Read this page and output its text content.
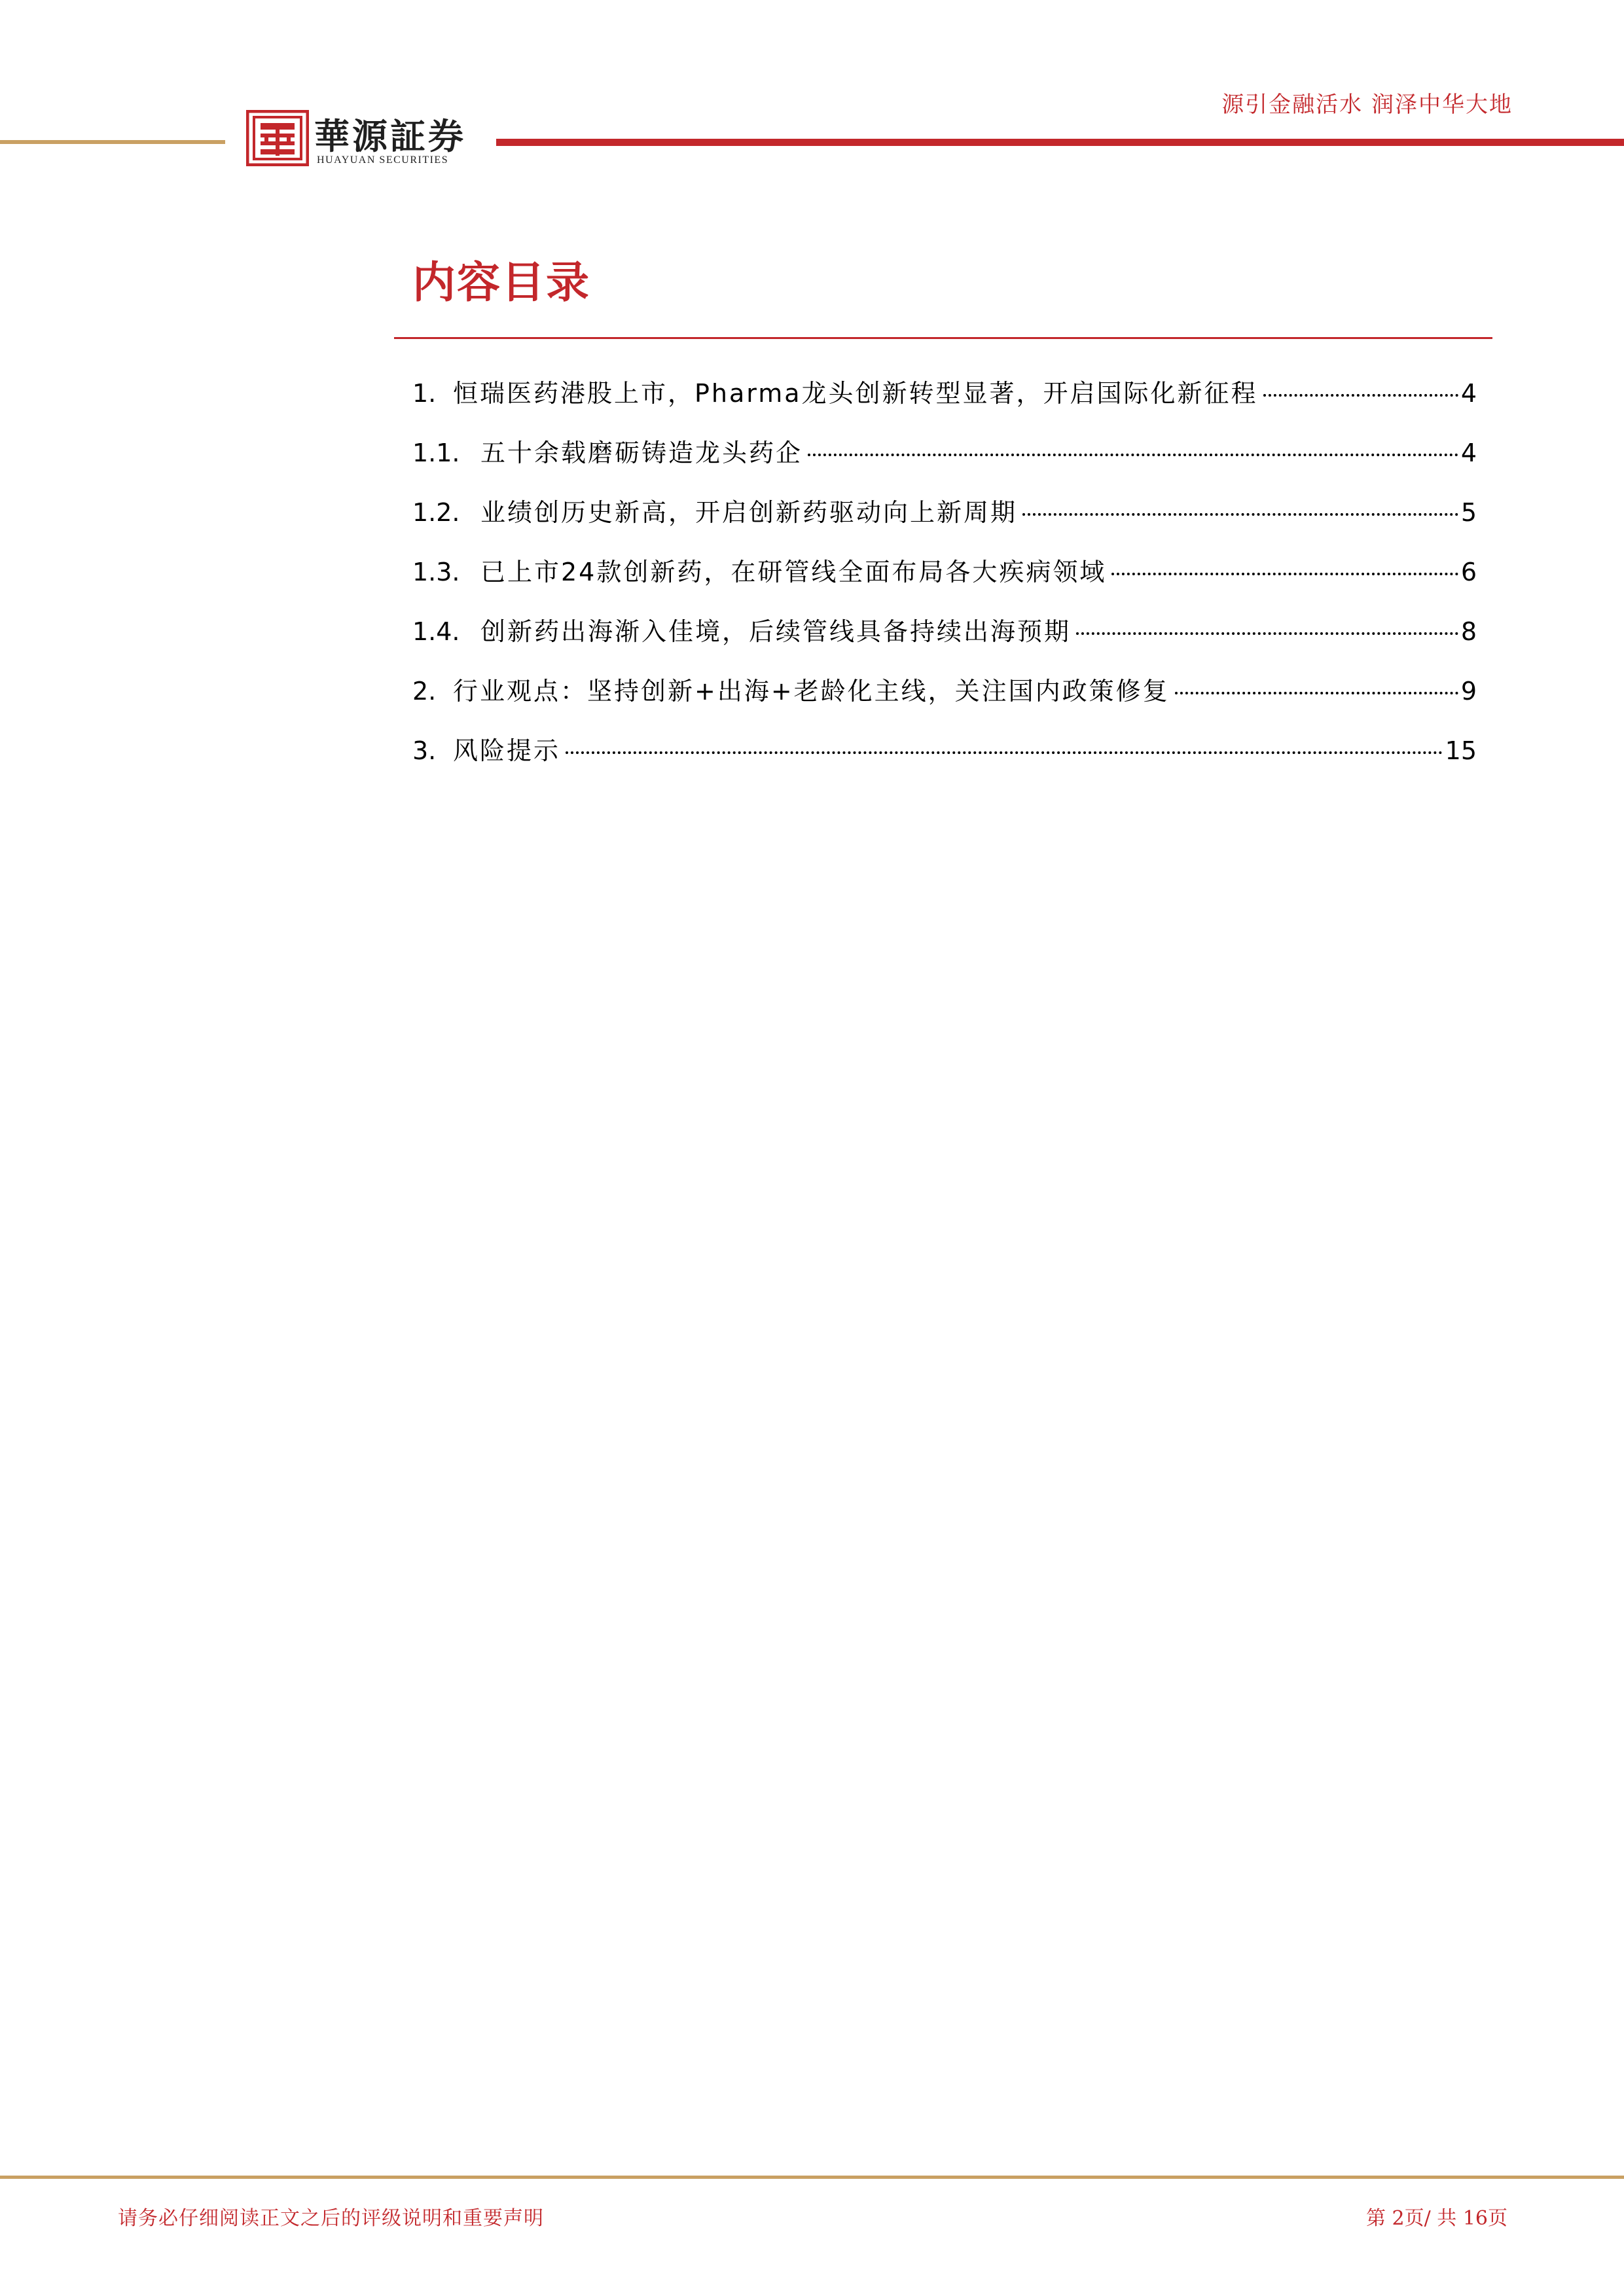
源引金融活水 润泽中华大地
華源証券
HUAYUAN SECURITIES
内容目录
1. 恒瑞医药港股上市，Pharma龙头创新转型显著，开启国际化新征程	4
1.1. 五十余载磨砺铸造龙头药企	4
1.2. 业绩创历史新高，开启创新药驱动向上新周期	5
1.3. 已上市24款创新药，在研管线全面布局各大疾病领域	6
1.4. 创新药出海渐入佳境，后续管线具备持续出海预期	8
2. 行业观点：坚持创新+出海+老龄化主线，关注国内政策修复	9
3. 风险提示	15
请务必仔细阅读正文之后的评级说明和重要声明	第 2页/ 共 16页
